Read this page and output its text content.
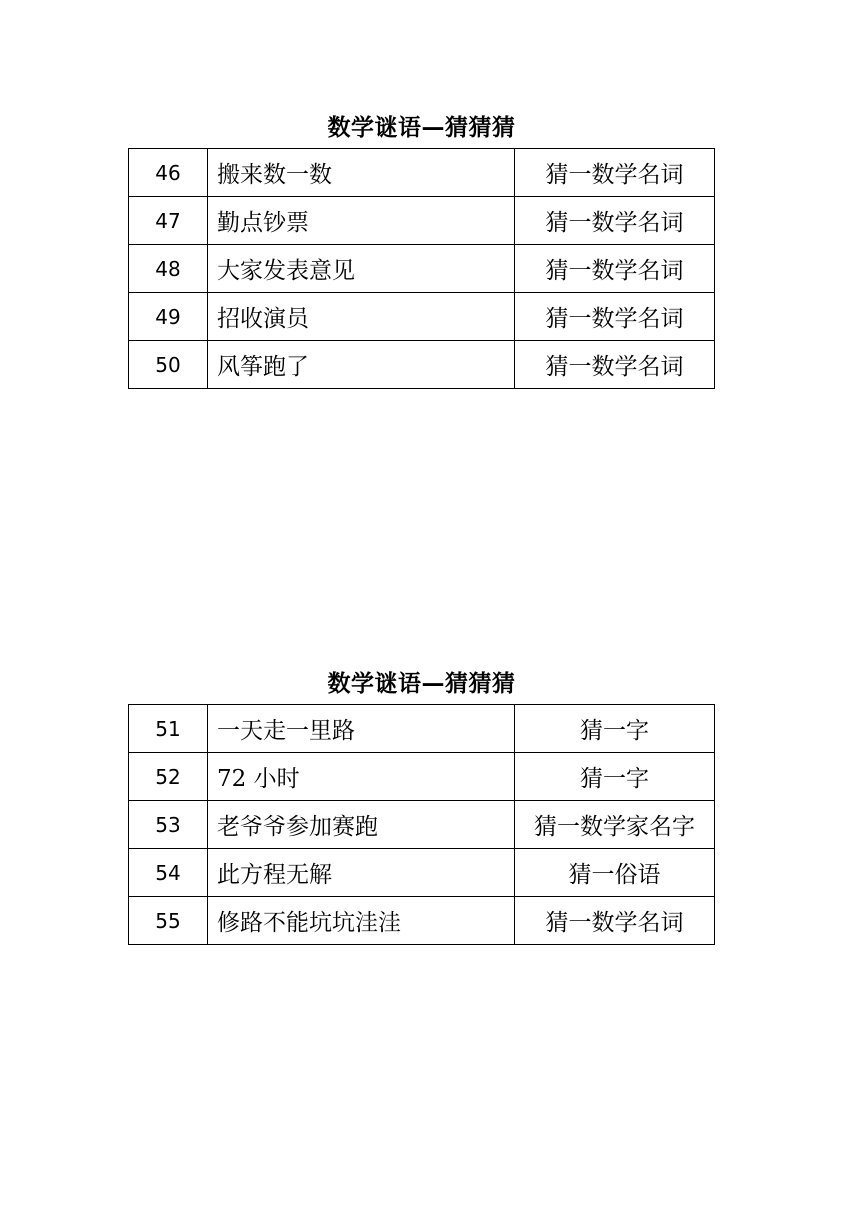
数学谜语—猜猜猜
46	搬来数一数	猜一数学名词
47	勤点钞票	猜一数学名词
48	大家发表意见	猜一数学名词
49	招收演员	猜一数学名词
50	风筝跑了	猜一数学名词
数学谜语—猜猜猜
51	一天走一里路	猜一字
52	72 小时	猜一字
53	老爷爷参加赛跑	猜一数学家名字
54	此方程无解	猜一俗语
55	修路不能坑坑洼洼	猜一数学名词
